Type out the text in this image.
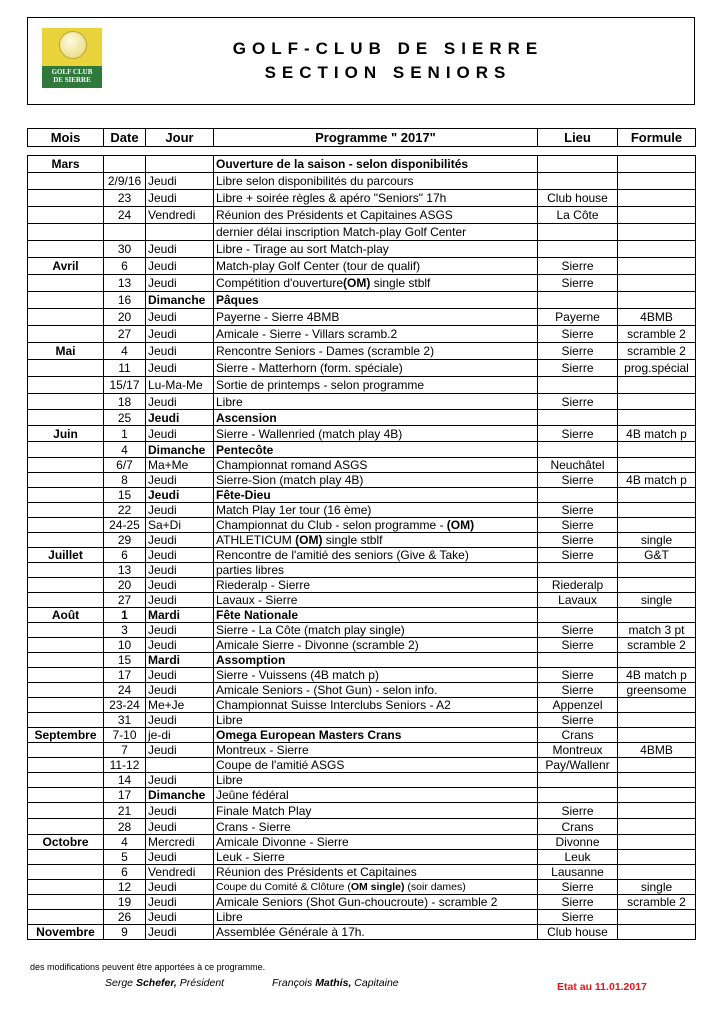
GOLF CLUB
DE SIERRE
GOLF-CLUB DE SIERRE
SECTION SENIORS
Mois	Date	Jour	Programme " 2017"	Lieu	Formule

Mars			Ouverture de la saison - selon disponibilités		
	2/9/16	Jeudi	Libre selon disponibilités du parcours		
	23	Jeudi	Libre + soirée règles & apéro "Seniors" 17h	Club house	
	24	Vendredi	Réunion des Présidents et Capitaines ASGS	La Côte	
			dernier délai inscription Match-play Golf Center		
	30	Jeudi	Libre - Tirage au sort Match-play		
Avril	6	Jeudi	Match-play Golf Center (tour de qualif)	Sierre	
	13	Jeudi	Compétition d'ouverture(OM) single stblf	Sierre	
	16	Dimanche	Pâques		
	20	Jeudi	Payerne - Sierre 4BMB	Payerne	4BMB
	27	Jeudi	Amicale - Sierre - Villars scramb.2	Sierre	scramble 2
Mai	4	Jeudi	Rencontre Seniors - Dames (scramble 2)	Sierre	scramble 2
	11	Jeudi	Sierre - Matterhorn (form. spéciale)	Sierre	prog.spécial
	15/17	Lu-Ma-Me	Sortie de printemps - selon programme		
	18	Jeudi	Libre	Sierre	
	25	Jeudi	Ascension		
Juin	1	Jeudi	Sierre - Wallenried (match play 4B)	Sierre	4B match p
	4	Dimanche	Pentecôte		
	6/7	Ma+Me	Championnat romand ASGS	Neuchâtel	
	8	Jeudi	Sierre-Sion (match play 4B)	Sierre	4B match p
	15	Jeudi	Fête-Dieu		
	22	Jeudi	Match Play 1er tour (16 ème)	Sierre	
	24-25	Sa+Di	Championnat du Club - selon programme - (OM)	Sierre	
	29	Jeudi	ATHLETICUM (OM) single stblf	Sierre	single
Juillet	6	Jeudi	Rencontre de l'amitié des seniors (Give & Take)	Sierre	G&T
	13	Jeudi	parties libres		
	20	Jeudi	Riederalp - Sierre	Riederalp	
	27	Jeudi	Lavaux - Sierre	Lavaux	single
Août	1	Mardi	Fête Nationale		
	3	Jeudi	Sierre - La Côte (match play single)	Sierre	match 3 pt
	10	Jeudi	Amicale Sierre - Divonne (scramble 2)	Sierre	scramble 2
	15	Mardi	Assomption		
	17	Jeudi	Sierre - Vuissens (4B match p)	Sierre	4B match p
	24	Jeudi	Amicale Seniors - (Shot Gun) - selon info.	Sierre	greensome
	23-24	Me+Je	Championnat Suisse Interclubs Seniors - A2	Appenzel	
	31	Jeudi	Libre	Sierre	
Septembre	7-10	je-di	Omega European Masters Crans	Crans	
	7	Jeudi	Montreux - Sierre	Montreux	4BMB
	11-12		Coupe de l'amitié ASGS	Pay/Wallenr	
	14	Jeudi	Libre		
	17	Dimanche	Jeûne fédéral		
	21	Jeudi	Finale Match Play	Sierre	
	28	Jeudi	Crans - Sierre	Crans	
Octobre	4	Mercredi	Amicale Divonne - Sierre	Divonne	
	5	Jeudi	Leuk - Sierre	Leuk	
	6	Vendredi	Réunion des Présidents et Capitaines	Lausanne	
	12	Jeudi	Coupe du Comité & Clôture (OM single) (soir dames)	Sierre	single
	19	Jeudi	Amicale Seniors (Shot Gun-choucroute) - scramble 2	Sierre	scramble 2
	26	Jeudi	Libre	Sierre	
Novembre	9	Jeudi	Assemblée Générale à 17h.	Club house	
des modifications peuvent être apportées à ce programme.
Serge Schefer, Président	François Mathis, Capitaine	Etat au 11.01.2017
